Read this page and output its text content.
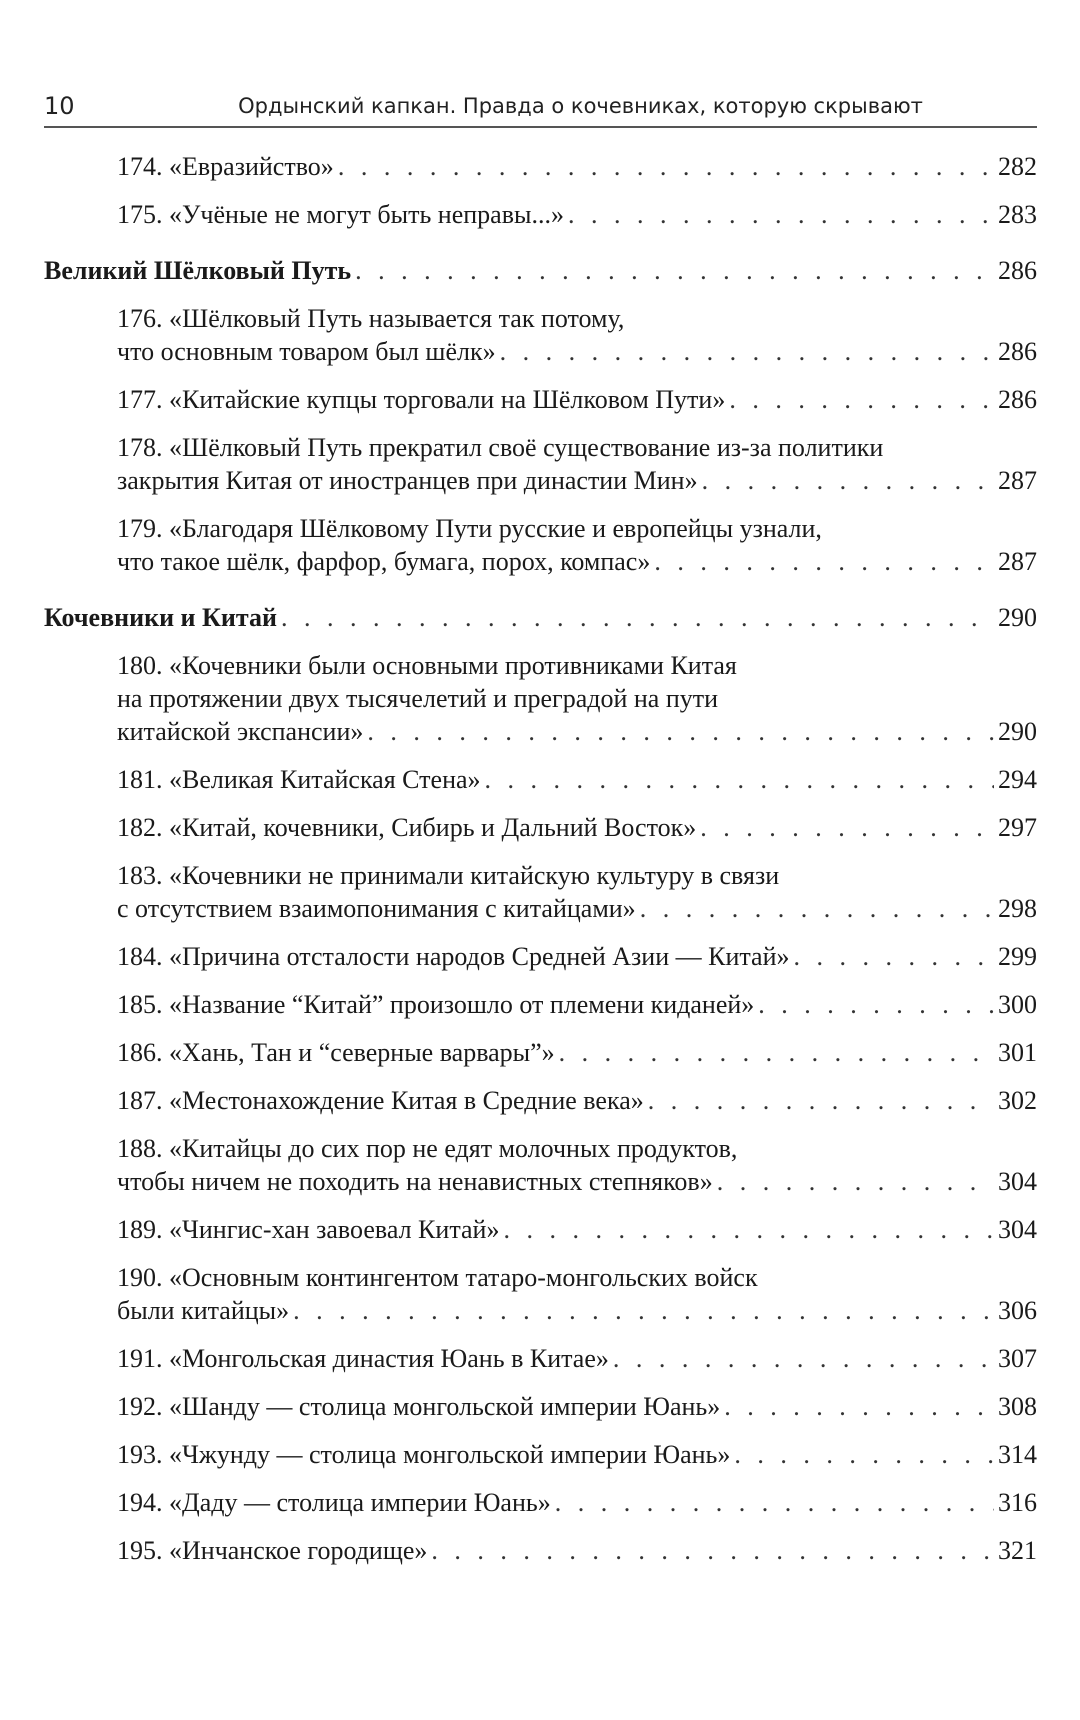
10	Ордынский капкан. Правда о кочевниках, которую скрывают
174. «Евразийство» . . .	282
175. «Учёные не могут быть неправы...» . . .	283
Великий Шёлковый Путь . . .	286
176. «Шёлковый Путь называется так потому,
что основным товаром был шёлк» . . .	286
177. «Китайские купцы торговали на Шёлковом Пути» . . .	286
178. «Шёлковый Путь прекратил своё существование из-за политики
закрытия Китая от иностранцев при династии Мин» . . .	287
179. «Благодаря Шёлковому Пути русские и европейцы узнали,
что такое шёлк, фарфор, бумага, порох, компас» . . .	287
Кочевники и Китай . . .	290
180. «Кочевники были основными противниками Китая
на протяжении двух тысячелетий и преградой на пути
китайской экспансии» . . .	290
181. «Великая Китайская Стена» . . .	294
182. «Китай, кочевники, Сибирь и Дальний Восток» . . .	297
183. «Кочевники не принимали китайскую культуру в связи
с отсутствием взаимопонимания с китайцами» . . .	298
184. «Причина отсталости народов Средней Азии — Китай» . . .	299
185. «Название “Китай” произошло от племени киданей» . . .	300
186. «Хань, Тан и “северные варвары”» . . .	301
187. «Местонахождение Китая в Средние века» . . .	302
188. «Китайцы до сих пор не едят молочных продуктов,
чтобы ничем не походить на ненавистных степняков» . . .	304
189. «Чингис-хан завоевал Китай» . . .	304
190. «Основным контингентом татаро-монгольских войск
были китайцы» . . .	306
191. «Монгольская династия Юань в Китае» . . .	307
192. «Шанду — столица монгольской империи Юань» . . .	308
193. «Чжунду — столица монгольской империи Юань» . . .	314
194. «Даду — столица империи Юань» . . .	316
195. «Инчанское городище» . . .	321
